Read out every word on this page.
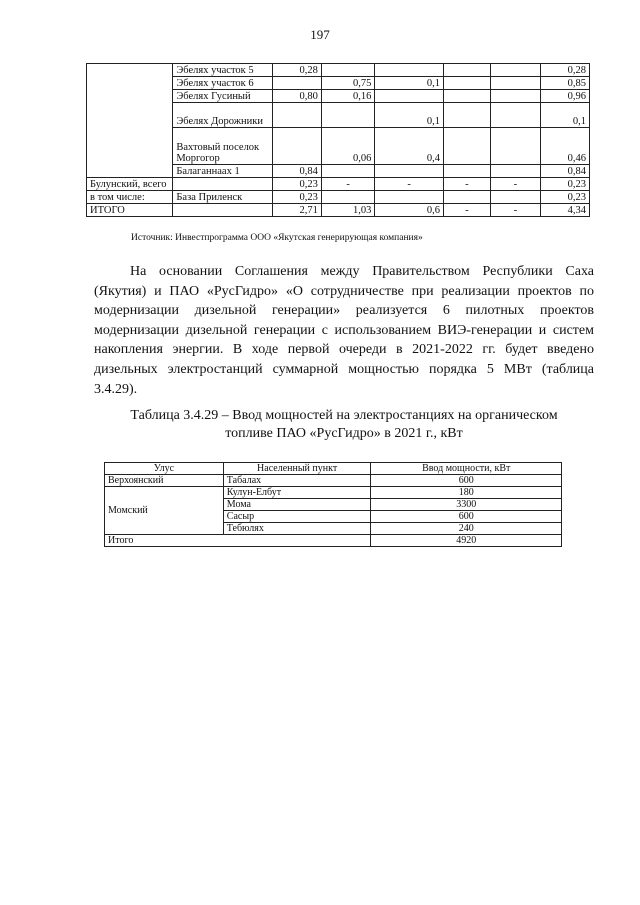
197
	Эбелях участок 5	0,28					0,28
	Эбелях участок 6		0,75	0,1			0,85
	Эбелях Гусиный	0,80	0,16				0,96
	Эбелях Дорожники			0,1			0,1
	Вахтовый поселок Моргогор		0,06	0,4			0,46
	Балаганнаах 1	0,84					0,84
Булунский, всего		0,23	-	-	-	-	0,23
в том числе:	База Приленск	0,23					0,23
ИТОГО		2,71	1,03	0,6	-	-	4,34
Источник: Инвестпрограмма ООО «Якутская генерирующая компания»
На основании Соглашения между Правительством Республики Саха (Якутия) и ПАО «РусГидро» «О сотрудничестве при реализации проектов по модернизации дизельной генерации» реализуется 6 пилотных проектов модернизации дизельной генерации с использованием ВИЭ-генерации и систем накопления энергии. В ходе первой очереди в 2021-2022 гг. будет введено дизельных электростанций суммарной мощностью порядка 5 МВт (таблица 3.4.29).
Таблица 3.4.29 – Ввод мощностей на электростанциях на органическом
топливе ПАО «РусГидро» в 2021 г., кВт
Улус	Населенный пункт	Ввод мощности, кВт
Верхоянский	Табалах	600
Момский	Кулун-Елбут	180
	Мома	3300
	Сасыр	600
	Тебюлях	240
Итого		4920
